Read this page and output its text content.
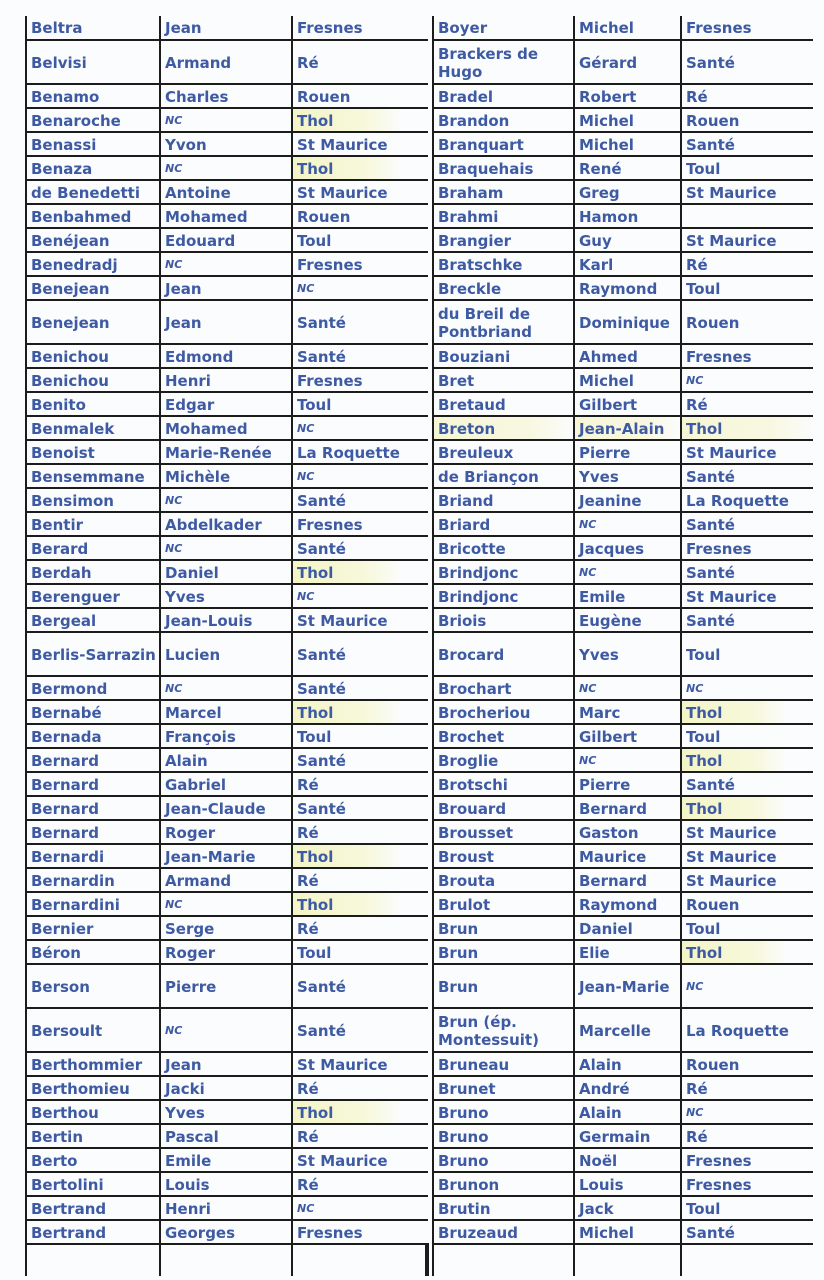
Beltra	Jean	Fresnes
Belvisi	Armand	Ré
Benamo	Charles	Rouen
Benaroche	NC	Thol
Benassi	Yvon	St Maurice
Benaza	NC	Thol
de Benedetti	Antoine	St Maurice
Benbahmed	Mohamed	Rouen
Benéjean	Edouard	Toul
Benedradj	NC	Fresnes
Benejean	Jean	NC
Benejean	Jean	Santé
Benichou	Edmond	Santé
Benichou	Henri	Fresnes
Benito	Edgar	Toul
Benmalek	Mohamed	NC
Benoist	Marie-Renée	La Roquette
Bensemmane	Michèle	NC
Bensimon	NC	Santé
Bentir	Abdelkader	Fresnes
Berard	NC	Santé
Berdah	Daniel	Thol
Berenguer	Yves	NC
Bergeal	Jean-Louis	St Maurice
Berlis-Sarrazin	Lucien	Santé
Bermond	NC	Santé
Bernabé	Marcel	Thol
Bernada	François	Toul
Bernard	Alain	Santé
Bernard	Gabriel	Ré
Bernard	Jean-Claude	Santé
Bernard	Roger	Ré
Bernardi	Jean-Marie	Thol
Bernardin	Armand	Ré
Bernardini	NC	Thol
Bernier	Serge	Ré
Béron	Roger	Toul
Berson	Pierre	Santé
Bersoult	NC	Santé
Berthommier	Jean	St Maurice
Berthomieu	Jacki	Ré
Berthou	Yves	Thol
Bertin	Pascal	Ré
Berto	Emile	St Maurice
Bertolini	Louis	Ré
Bertrand	Henri	NC
Bertrand	Georges	Fresnes
Boyer	Michel	Fresnes
Brackers de Hugo	Gérard	Santé
Bradel	Robert	Ré
Brandon	Michel	Rouen
Branquart	Michel	Santé
Braquehais	René	Toul
Braham	Greg	St Maurice
Brahmi	Hamon	
Brangier	Guy	St Maurice
Bratschke	Karl	Ré
Breckle	Raymond	Toul
du Breil de Pontbriand	Dominique	Rouen
Bouziani	Ahmed	Fresnes
Bret	Michel	NC
Bretaud	Gilbert	Ré
Breton	Jean-Alain	Thol
Breuleux	Pierre	St Maurice
de Briançon	Yves	Santé
Briand	Jeanine	La Roquette
Briard	NC	Santé
Bricotte	Jacques	Fresnes
Brindjonc	NC	Santé
Brindjonc	Emile	St Maurice
Briois	Eugène	Santé
Brocard	Yves	Toul
Brochart	NC	NC
Brocheriou	Marc	Thol
Brochet	Gilbert	Toul
Broglie	NC	Thol
Brotschi	Pierre	Santé
Brouard	Bernard	Thol
Brousset	Gaston	St Maurice
Broust	Maurice	St Maurice
Brouta	Bernard	St Maurice
Brulot	Raymond	Rouen
Brun	Daniel	Toul
Brun	Elie	Thol
Brun	Jean-Marie	NC
Brun (ép. Montessuit)	Marcelle	La Roquette
Bruneau	Alain	Rouen
Brunet	André	Ré
Bruno	Alain	NC
Bruno	Germain	Ré
Bruno	Noël	Fresnes
Brunon	Louis	Fresnes
Brutin	Jack	Toul
Bruzeaud	Michel	Santé
